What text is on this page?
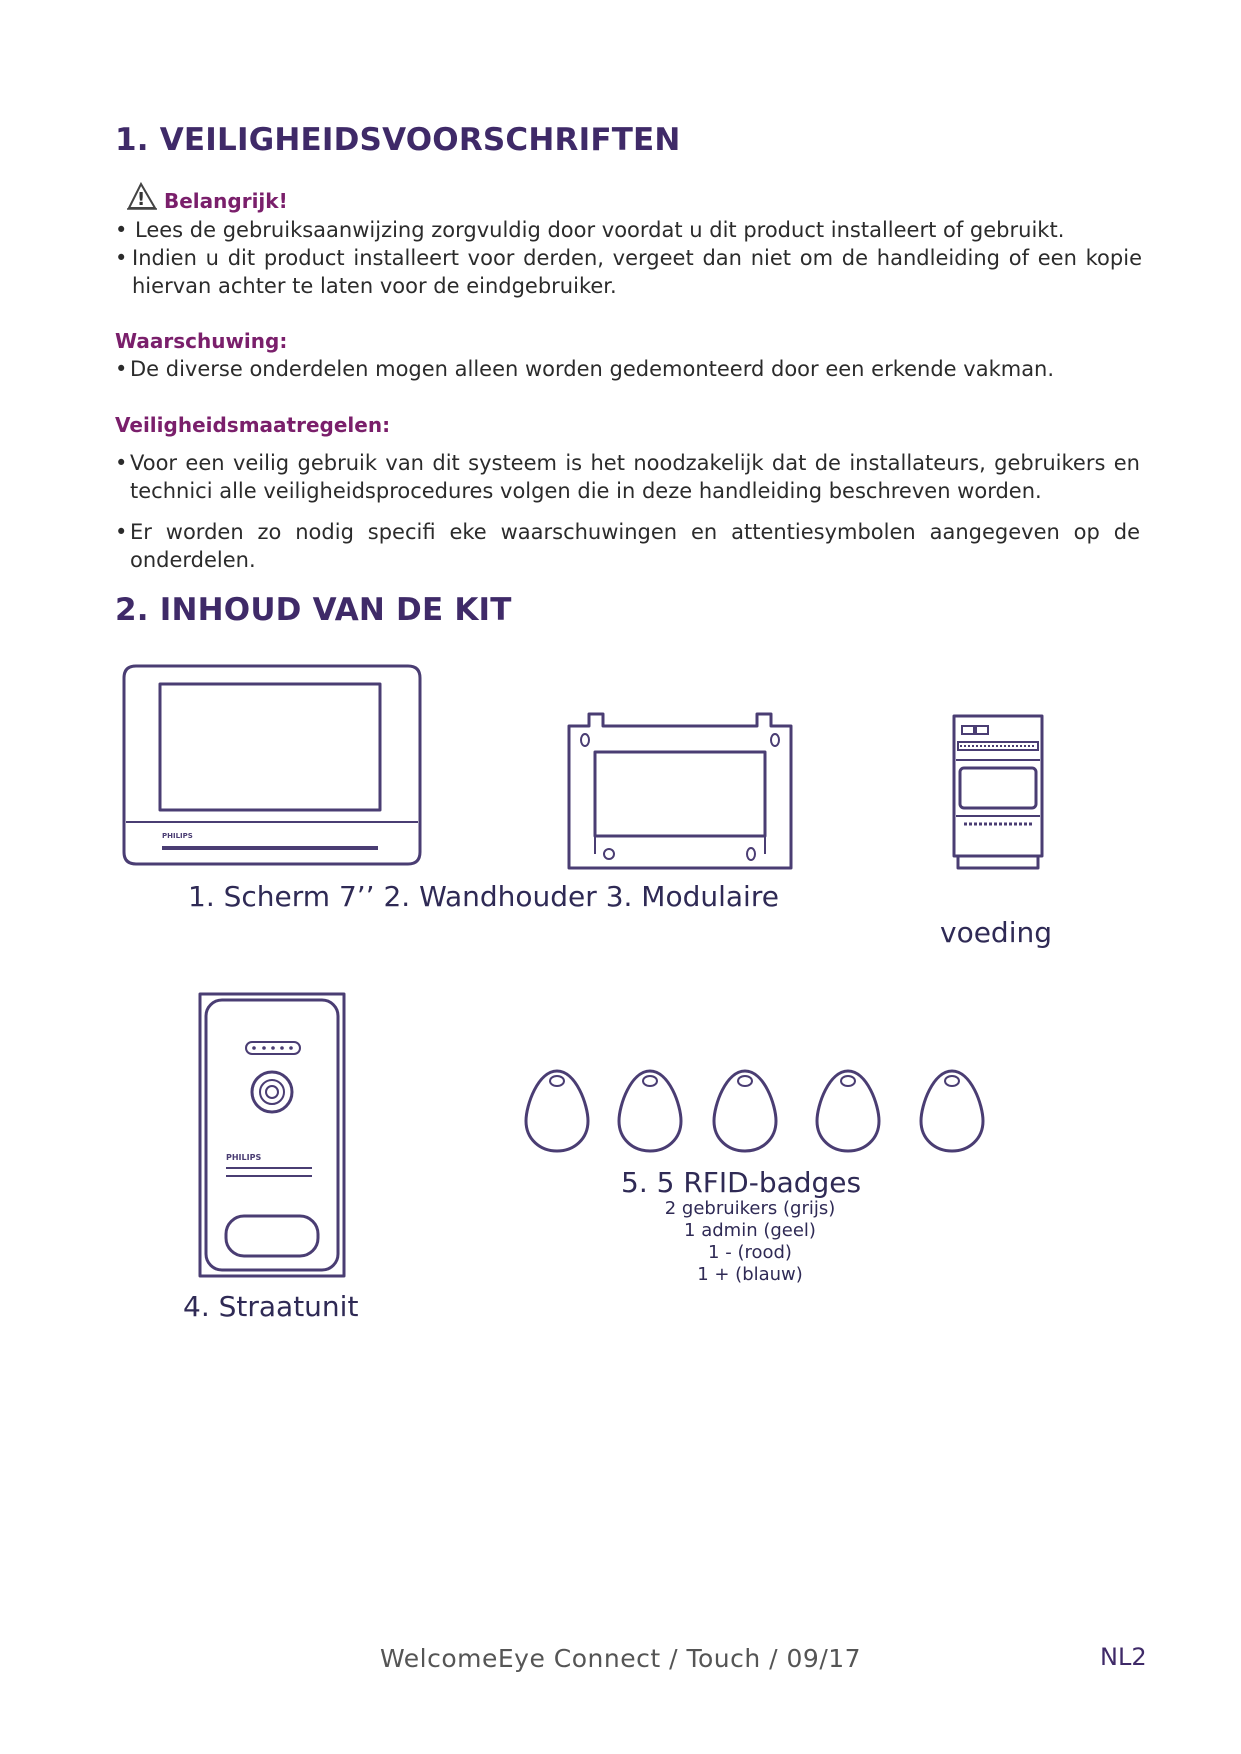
1. VEILIGHEIDSVOORSCHRIFTEN
! Belangrijk!
• Lees de gebruiksaanwijzing zorgvuldig door voordat u dit product installeert of gebruikt.
• Indien u dit product installeert voor derden, vergeet dan niet om de handleiding of een kopie hiervan achter te laten voor de eindgebruiker.
Waarschuwing:
• De diverse onderdelen mogen alleen worden gedemonteerd door een erkende vakman.
Veiligheidsmaatregelen:
• Voor een veilig gebruik van dit systeem is het noodzakelijk dat de installateurs, gebruikers en technici alle veiligheidsprocedures volgen die in deze handleiding beschreven worden.
• Er worden zo nodig specifi eke waarschuwingen en attentiesymbolen aangegeven op de onderdelen.
2. INHOUD VAN DE KIT
PHILIPS
1. Scherm 7’’ 2. Wandhouder 3. Modulaire
voeding
PHILIPS
4. Straatunit
5. 5 RFID-badges
2 gebruikers (grijs)
1 admin (geel)
1 - (rood)
1 + (blauw)
WelcomeEye Connect / Touch / 09/17	NL2
